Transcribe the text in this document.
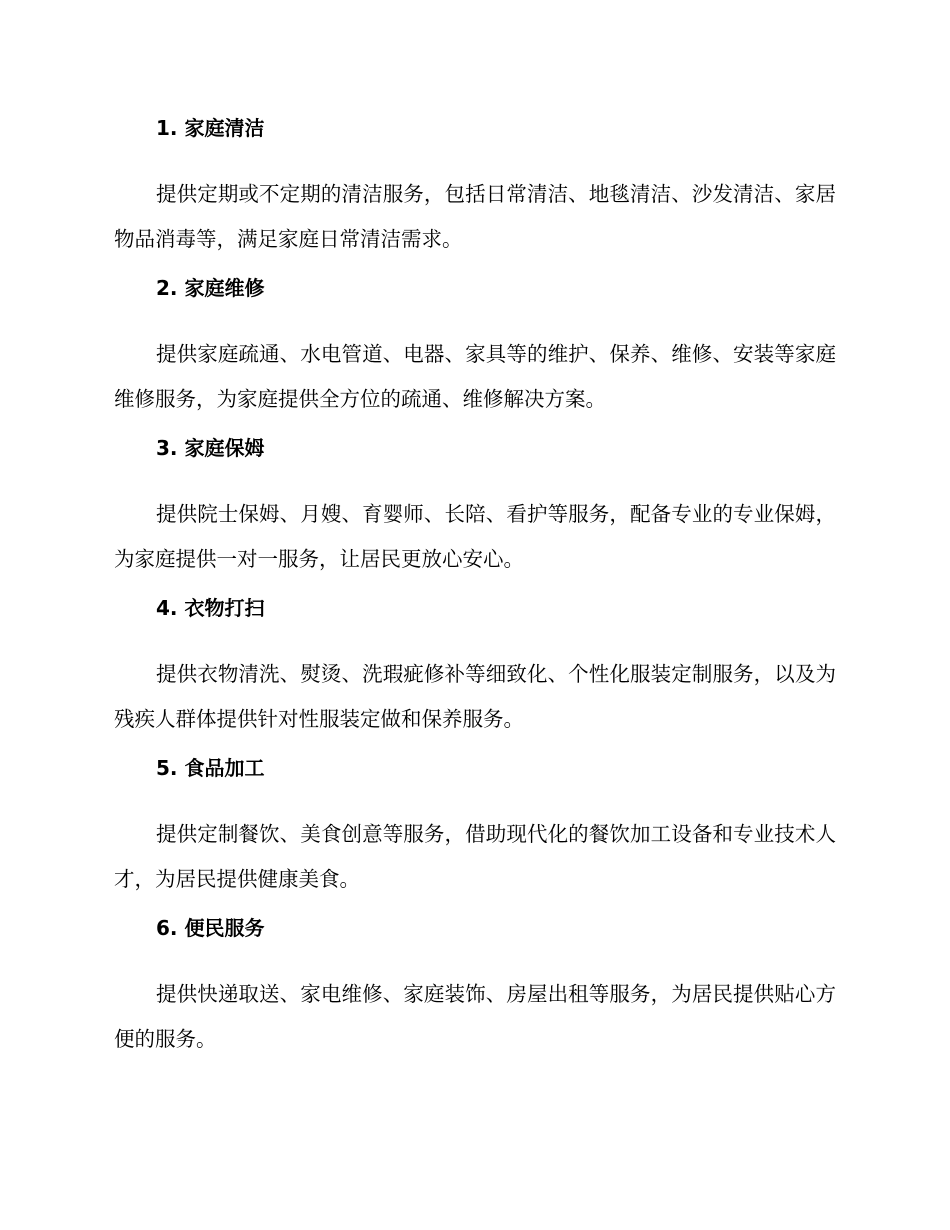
1. 家庭清洁

提供定期或不定期的清洁服务，包括日常清洁、地毯清洁、沙发清洁、家居物品消毒等，满足家庭日常清洁需求。

2. 家庭维修

提供家庭疏通、水电管道、电器、家具等的维护、保养、维修、安装等家庭维修服务，为家庭提供全方位的疏通、维修解决方案。

3. 家庭保姆

提供院士保姆、月嫂、育婴师、长陪、看护等服务，配备专业的专业保姆，为家庭提供一对一服务，让居民更放心安心。

4. 衣物打扫

提供衣物清洗、熨烫、洗瑕疵修补等细致化、个性化服装定制服务，以及为残疾人群体提供针对性服装定做和保养服务。

5. 食品加工

提供定制餐饮、美食创意等服务，借助现代化的餐饮加工设备和专业技术人才，为居民提供健康美食。

6. 便民服务

提供快递取送、家电维修、家庭装饰、房屋出租等服务，为居民提供贴心方便的服务。
